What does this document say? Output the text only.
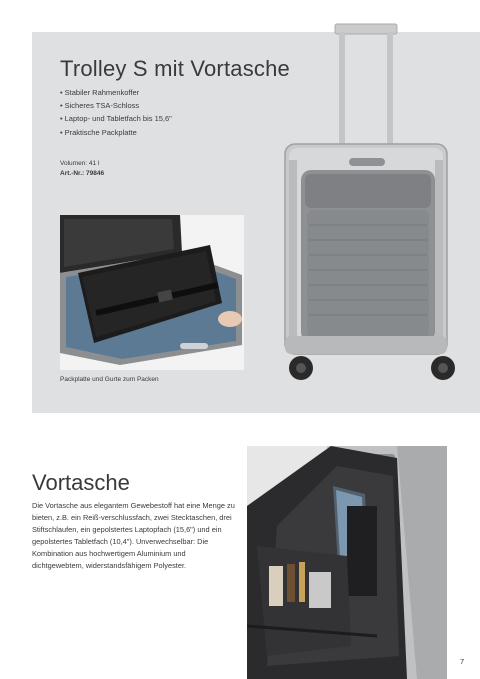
Trolley S mit Vortasche
• Stabiler Rahmenkoffer
• Sicheres TSA-Schloss
• Laptop- und Tabletfach bis 15,6"
• Praktische Packplatte
Volumen: 41 l
Art.-Nr.: 79846
Packplatte und Gurte zum Packen
Vortasche

Die Vortasche aus elegantem Gewebestoff hat eine Menge zu bieten, z.B. ein Reiß-verschlussfach, zwei Stecktaschen, drei Stiftschlaufen, ein gepolstertes Laptopfach (15,6") und ein gepolstertes Tabletfach (10,4"). Unverwechselbar: Die Kombination aus hochwertigem Aluminium und dichtgewebtem, widerstandsfähigem Polyester.

7
